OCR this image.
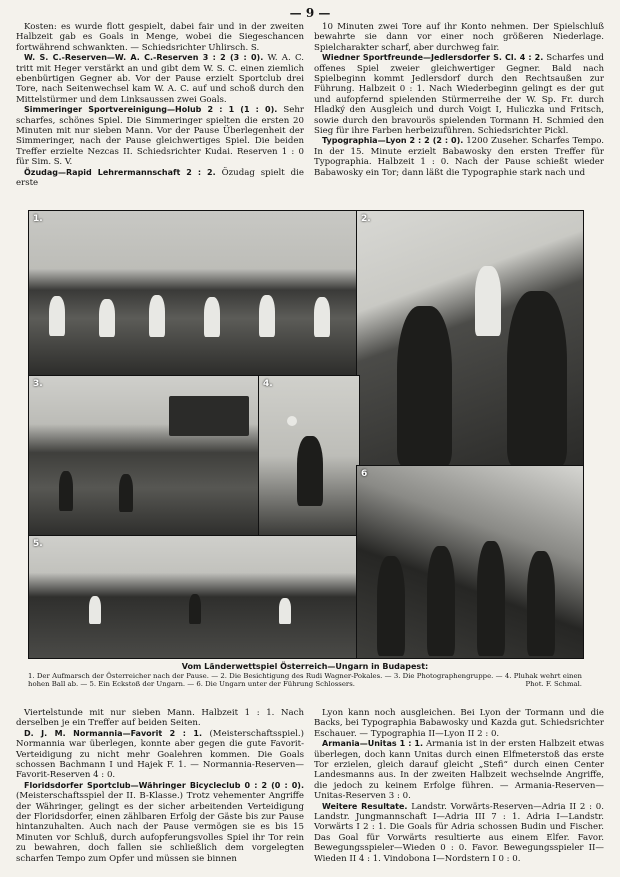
— 9 —

Kosten: es wurde flott gespielt, dabei fair und in der zweiten Halbzeit gab es Goals in Menge, wobei die Siegeschancen fortwährend schwankten. — Schiedsrichter Uhlirsch. S.

W. S. C.-Reserven—W. A. C.-Reserven 3 : 2 (3 : 0). W. A. C. tritt mit Heger verstärkt an und gibt dem W. S. C. einen ziemlich ebenbürtigen Gegner ab. Vor der Pause erzielt Sportclub drei Tore, nach Seitenwechsel kam W. A. C. auf und schoß durch den Mittelstürmer und dem Linksaussen zwei Goals.

Simmeringer Sportvereinigung—Holub 2 : 1 (1 : 0). Sehr scharfes, schönes Spiel. Die Simmeringer spielten die ersten 20 Minuten mit nur sieben Mann. Vor der Pause Überlegenheit der Simmeringer, nach der Pause gleichwertiges Spiel. Die beiden Treffer erzielte Nezcas II. Schiedsrichter Kudai. Reserven 1 : 0 für Sim. S. V.

Özudag—Rapid Lehrermannschaft 2 : 2. Özudag spielt die erste

10 Minuten zwei Tore auf ihr Konto nehmen. Der Spielschluß bewahrte sie dann vor einer noch größeren Niederlage. Spielcharakter scharf, aber durchweg fair.

Wiedner Sportfreunde—Jedlersdorfer S. Cl. 4 : 2. Scharfes und offenes Spiel zweier gleichwertiger Gegner. Bald nach Spielbeginn kommt Jedlersdorf durch den Rechtsaußen zur Führung. Halbzeit 0 : 1. Nach Wiederbeginn gelingt es der gut und aufopfernd spielenden Stürmerreihe der W. Sp. Fr. durch Hladký den Ausgleich und durch Voigt I, Huliczka und Fritsch, sowie durch den bravourös spielenden Tormann H. Schmied den Sieg für ihre Farben herbeizuführen. Schiedsrichter Pickl.

Typographia—Lyon 2 : 2 (2 : 0). 1200 Zuseher. Scharfes Tempo. In der 15. Minute erzielt Babawosky den ersten Treffer für Typographia. Halbzeit 1 : 0. Nach der Pause schießt wieder Babawosky ein Tor; dann läßt die Typographie stark nach und

1.	2.
3.	4.
5.
6
Vom Länderwettspiel Österreich—Ungarn in Budapest:
1. Der Aufmarsch der Österreicher nach der Pause. — 2. Die Besichtigung des Rudi Wagner-Pokales. — 3. Die Photographengruppe. — 4. Pluhak wehrt einen hohen Ball ab. — 5. Ein Eckstoß der Ungarn. — 6. Die Ungarn unter der Führung Schlossers.	Phot. F. Schmal.

Viertelstunde mit nur sieben Mann. Halbzeit 1 : 1. Nach derselben je ein Treffer auf beiden Seiten.

D. J. M. Normannia—Favorit 2 : 1. (Meisterschaftsspiel.) Normannia war überlegen, konnte aber gegen die gute Favorit-Verteidigung zu nicht mehr Goalehren kommen. Die Goals schossen Bachmann I und Hajek F. 1. — Normannia-Reserven—Favorit-Reserven 4 : 0.

Floridsdorfer Sportclub—Währinger Bicycleclub 0 : 2 (0 : 0). (Meisterschaftsspiel der II. B-Klasse.) Trotz vehementer Angriffe der Währinger, gelingt es der sicher arbeitenden Verteidigung der Floridsdorfer, einen zählbaren Erfolg der Gäste bis zur Pause hintanzuhalten. Auch nach der Pause vermögen sie es bis 15 Minuten vor Schluß, durch aufopferungsvolles Spiel ihr Tor rein zu bewahren, doch fallen sie schließlich dem vorgelegten scharfen Tempo zum Opfer und müssen sie binnen

Lyon kann noch ausgleichen. Bei Lyon der Tormann und die Backs, bei Typographia Babawosky und Kazda gut. Schiedsrichter Eschauer. — Typographia II—Lyon II 2 : 0.

Armania—Unitas 1 : 1. Armania ist in der ersten Halbzeit etwas überlegen, doch kann Unitas durch einen Elfmeterstoß das erste Tor erzielen, gleich darauf gleicht „Stefi“ durch einen Center Landesmanns aus. In der zweiten Halbzeit wechselnde Angriffe, die jedoch zu keinem Erfolge führen. — Armania-Reserven—Unitas-Reserven 3 : 0.

Weitere Resultate. Landstr. Vorwärts-Reserven—Adria II 2 : 0. Landstr. Jungmannschaft I—Adria III 7 : 1. Adria I—Landstr. Vorwärts I 2 : 1. Die Goals für Adria schossen Budin und Fischer. Das Goal für Vorwärts resultierte aus einem Elfer. Favor. Bewegungsspieler—Wieden 0 : 0. Favor. Bewegungsspieler II—Wieden II 4 : 1. Vindobona I—Nordstern I 0 : 0.
